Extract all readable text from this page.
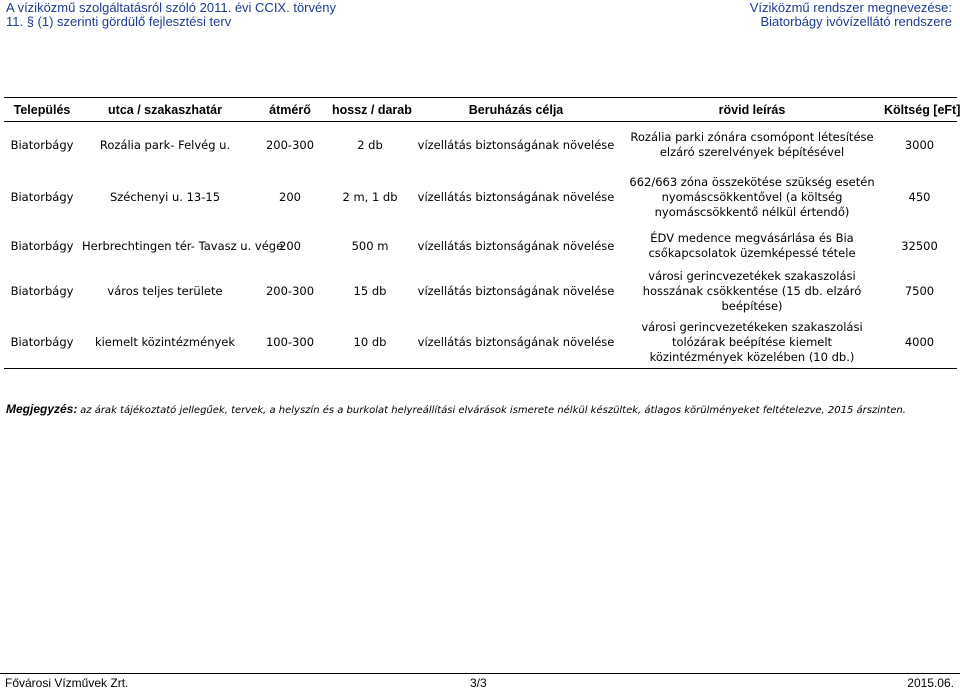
A víziközmű szolgáltatásról szóló 2011. évi CCIX. törvény
11. § (1) szerinti gördülő fejlesztési terv
Víziközmű rendszer megnevezése:
Biatorbágy ivóvízellátó rendszere
Település	utca / szakaszhatár	átmérő	hossz / darab	Beruházás célja	rövid leírás	Költség [eFt]
Biatorbágy	Rozália park- Felvég u.	200-300	2 db	vízellátás biztonságának növelése	Rozália parki zónára csomópont létesítése elzáró szerelvények bépítésével	3000
Biatorbágy	Széchenyi u. 13-15	200	2 m, 1 db	vízellátás biztonságának növelése	662/663 zóna összekötése szükség esetén nyomáscsökkentővel (a költség nyomáscsökkentő nélkül értendő)	450
Biatorbágy	Herbrechtingen tér- Tavasz u. vége	200	500 m	vízellátás biztonságának növelése	ÉDV medence megvásárlása és Bia csőkapcsolatok üzemképessé tétele	32500
Biatorbágy	város teljes területe	200-300	15 db	vízellátás biztonságának növelése	városi gerincvezetékek szakaszolási hosszának csökkentése (15 db. elzáró beépítése)	7500
Biatorbágy	kiemelt közintézmények	100-300	10 db	vízellátás biztonságának növelése	városi gerincvezetékeken szakaszolási tolózárak beépítése kiemelt közintézmények közelében (10 db.)	4000
Megjegyzés: az árak tájékoztató jellegűek, tervek, a helyszín és a burkolat helyreállítási elvárások ismerete nélkül készültek, átlagos körülményeket feltételezve, 2015 árszinten.
Fővárosi Vízművek Zrt.	3/3	2015.06.
